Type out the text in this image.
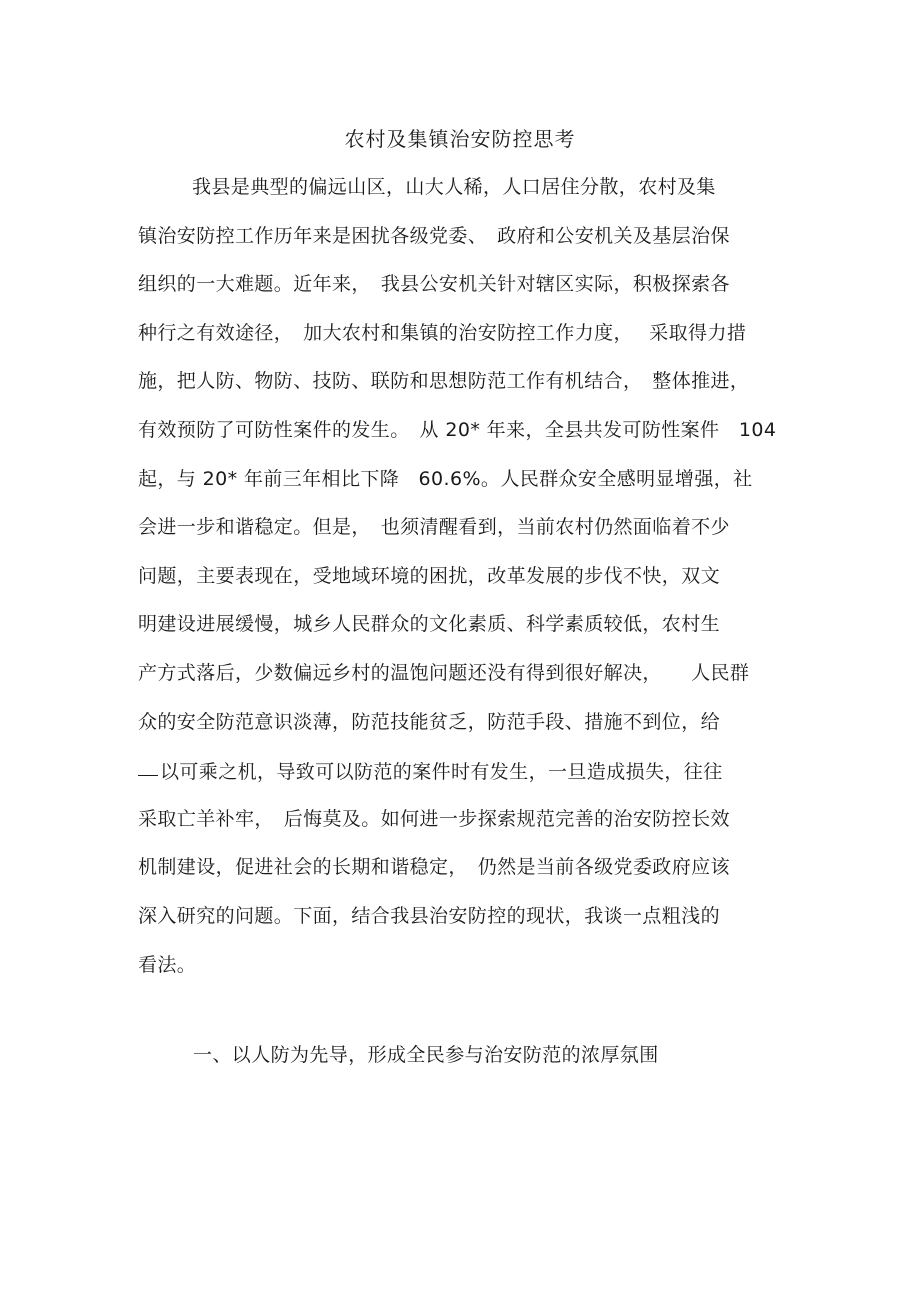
农村及集镇治安防控思考
我县是典型的偏远山区，山大人稀，人口居住分散，农村及集
镇治安防控工作历年来是困扰各级党委、　政府和公安机关及基层治保
组织的一大难题。近年来，　我县公安机关针对辖区实际，积极探索各
种行之有效途径，　加大农村和集镇的治安防控工作力度，　 采取得力措
施，把人防、物防、技防、联防和思想防范工作有机结合，　整体推进，
有效预防了可防性案件的发生。　从 20* 年来，全县共发可防性案件　104
起，与 20* 年前三年相比下降　60.6%。人民群众安全感明显增强，社
会进一步和谐稳定。但是，　也须清醒看到，当前农村仍然面临着不少
问题，主要表现在，受地域环境的困扰，改革发展的步伐不快，双文
明建设进展缓慢，城乡人民群众的文化素质、科学素质较低，农村生
产方式落后，少数偏远乡村的温饱问题还没有得到很好解决，　　人民群
众的安全防范意识淡薄，防范技能贫乏，防范手段、措施不到位，给
以可乘之机，导致可以防范的案件时有发生，一旦造成损失，往往
采取亡羊补牢，　后悔莫及。如何进一步探索规范完善的治安防控长效
机制建设，促进社会的长期和谐稳定，　仍然是当前各级党委政府应该
深入研究的问题。下面，结合我县治安防控的现状，我谈一点粗浅的
看法。
一、以人防为先导，形成全民参与治安防范的浓厚氛围
